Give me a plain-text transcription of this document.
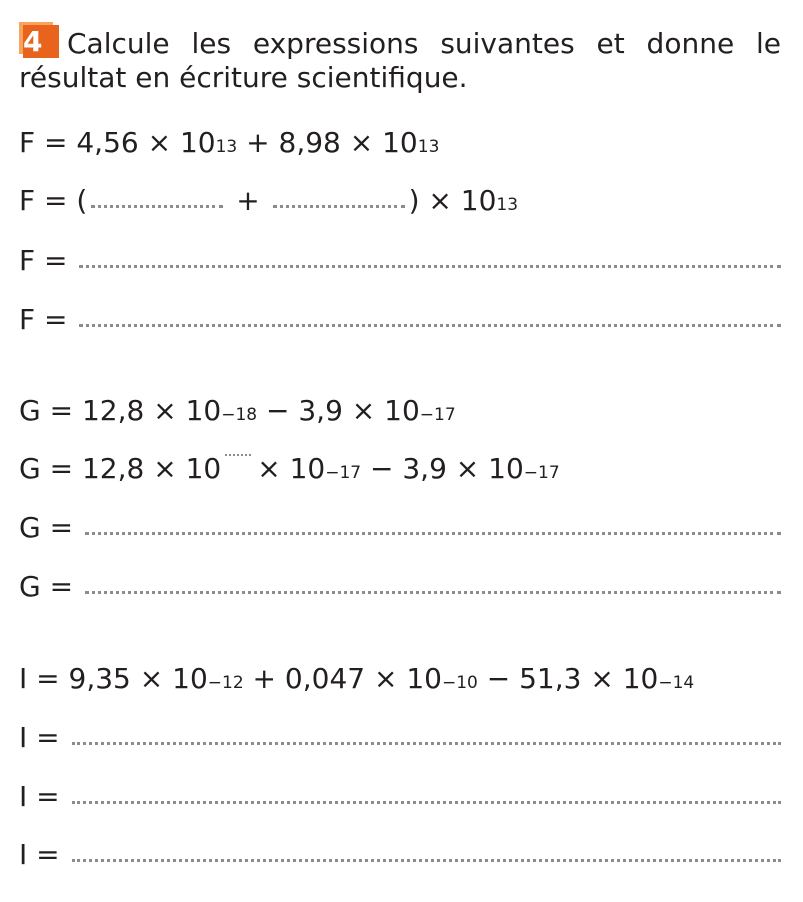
4 Calcule les expressions suivantes et donne le résultat en écriture scientifique.
F = 4,56 × 10 13 + 8,98 × 10 13
F = (	+	) × 10 13
F =
F =
G = 12,8 × 10 −18 − 3,9 × 10 −17
G = 12,8 × 10 × 10 −17 − 3,9 × 10 −17
G =
G =
I = 9,35 × 10 −12 + 0,047 × 10 −10 − 51,3 × 10 −14
I =
I =
I =
